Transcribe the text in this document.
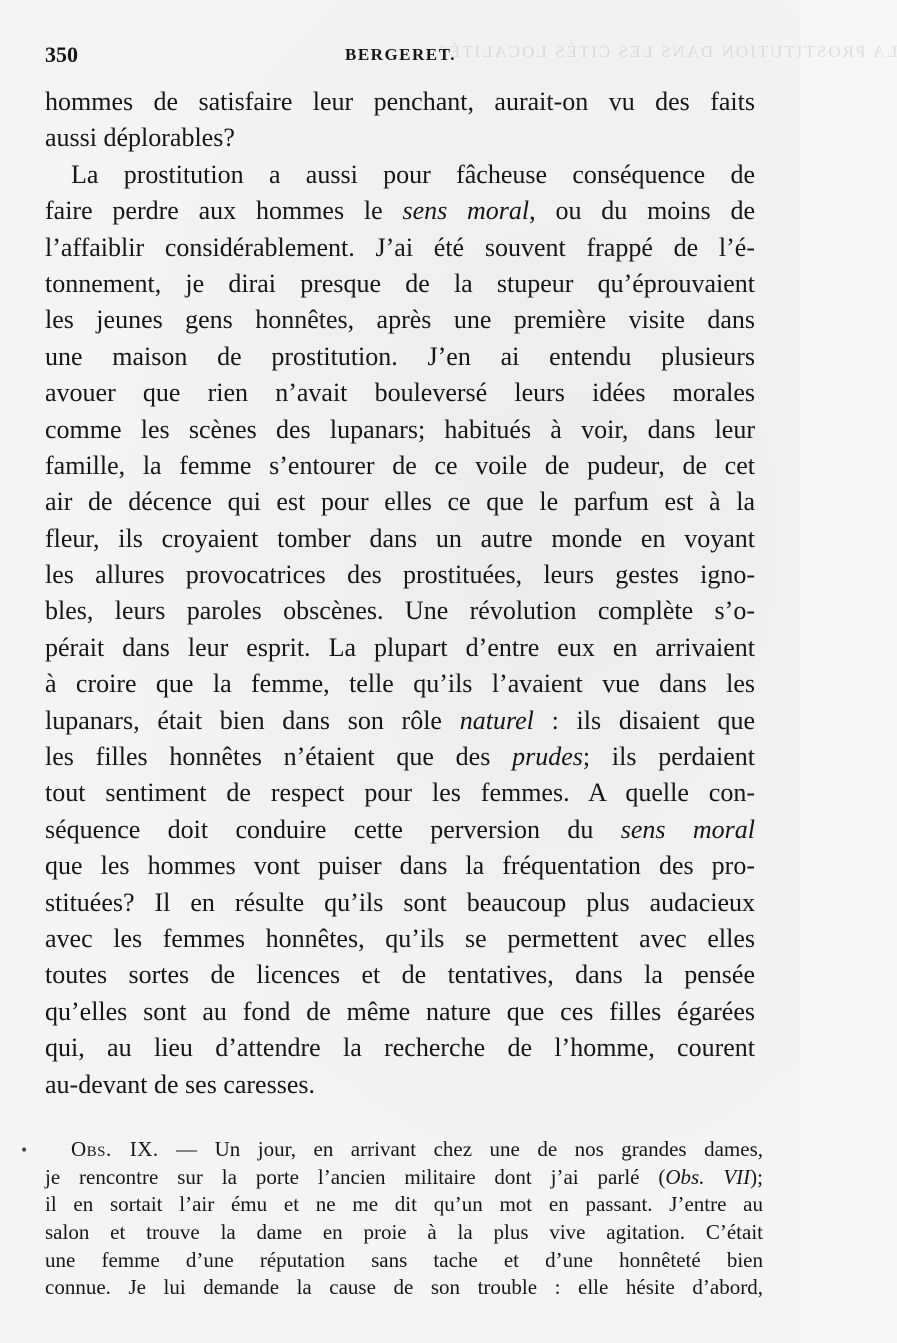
LA PROSTITUTION DANS LES CITÉS LOCALITÉS.
350	BERGERET.
hommes de satisfaire leur penchant, aurait-on vu des faits
aussi déplorables?
La prostitution a aussi pour fâcheuse conséquence de
faire perdre aux hommes le sens moral, ou du moins de
l’affaiblir considérablement. J’ai été souvent frappé de l’é-
tonnement, je dirai presque de la stupeur qu’éprouvaient
les jeunes gens honnêtes, après une première visite dans
une maison de prostitution. J’en ai entendu plusieurs
avouer que rien n’avait bouleversé leurs idées morales
comme les scènes des lupanars; habitués à voir, dans leur
famille, la femme s’entourer de ce voile de pudeur, de cet
air de décence qui est pour elles ce que le parfum est à la
fleur, ils croyaient tomber dans un autre monde en voyant
les allures provocatrices des prostituées, leurs gestes igno-
bles, leurs paroles obscènes. Une révolution complète s’o-
pérait dans leur esprit. La plupart d’entre eux en arrivaient
à croire que la femme, telle qu’ils l’avaient vue dans les
lupanars, était bien dans son rôle naturel : ils disaient que
les filles honnêtes n’étaient que des prudes; ils perdaient
tout sentiment de respect pour les femmes. A quelle con-
séquence doit conduire cette perversion du sens moral
que les hommes vont puiser dans la fréquentation des pro-
stituées? Il en résulte qu’ils sont beaucoup plus audacieux
avec les femmes honnêtes, qu’ils se permettent avec elles
toutes sortes de licences et de tentatives, dans la pensée
qu’elles sont au fond de même nature que ces filles égarées
qui, au lieu d’attendre la recherche de l’homme, courent
au-devant de ses caresses.
•	Obs. IX. — Un jour, en arrivant chez une de nos grandes dames,
je rencontre sur la porte l’ancien militaire dont j’ai parlé (Obs. VII);
il en sortait l’air ému et ne me dit qu’un mot en passant. J’entre au
salon et trouve la dame en proie à la plus vive agitation. C’était
une femme d’une réputation sans tache et d’une honnêteté bien
connue. Je lui demande la cause de son trouble : elle hésite d’abord,
